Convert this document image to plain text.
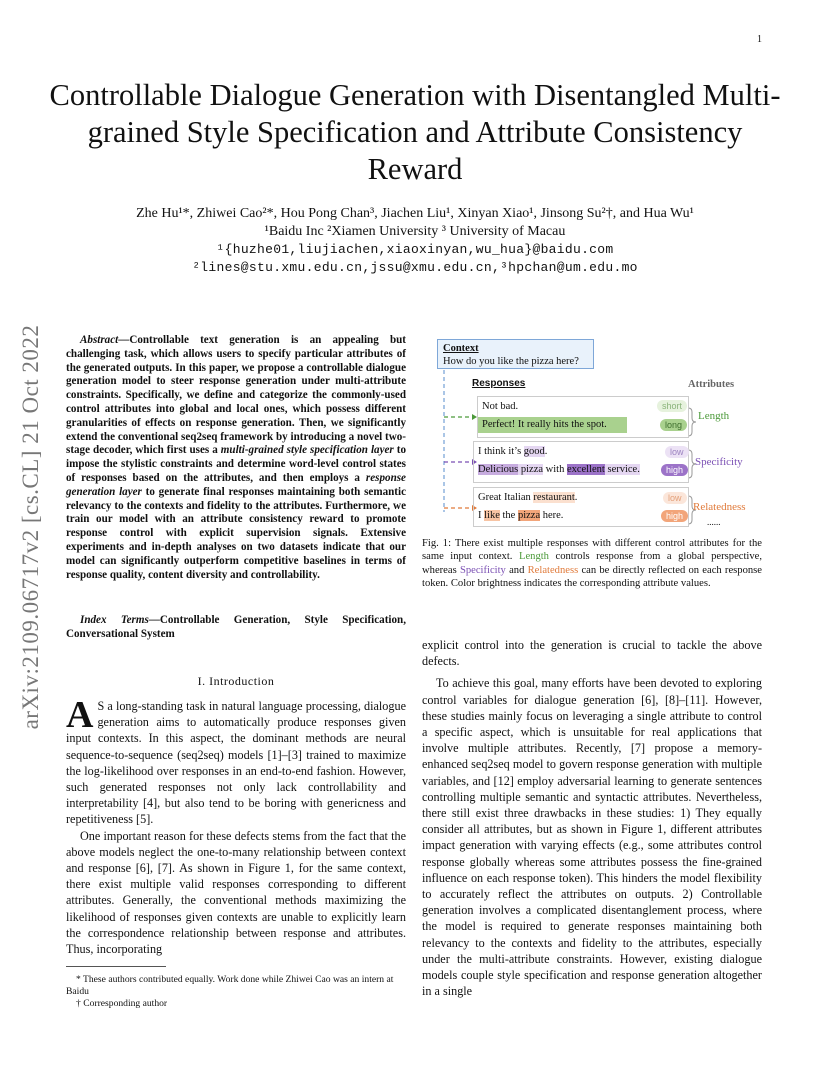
1
arXiv:2109.06717v2 [cs.CL] 21 Oct 2022
Controllable Dialogue Generation with Disentangled Multi-grained Style Specification and Attribute Consistency Reward
Zhe Hu¹*, Zhiwei Cao²*, Hou Pong Chan³, Jiachen Liu¹, Xinyan Xiao¹, Jinsong Su²†, and Hua Wu¹
¹Baidu Inc ²Xiamen University ³ University of Macau
¹{huzhe01,liujiachen,xiaoxinyan,wu_hua}@baidu.com
²lines@stu.xmu.edu.cn,jssu@xmu.edu.cn,³hpchan@um.edu.mo
Abstract—Controllable text generation is an appealing but challenging task, which allows users to specify particular attributes of the generated outputs. In this paper, we propose a controllable dialogue generation model to steer response generation under multi-attribute constraints. Specifically, we define and categorize the commonly-used control attributes into global and local ones, which possess different granularities of effects on response generation. Then, we significantly extend the conventional seq2seq framework by introducing a novel two-stage decoder, which first uses a multi-grained style specification layer to impose the stylistic constraints and determine word-level control states of responses based on the attributes, and then employs a response generation layer to generate final responses maintaining both semantic relevancy to the contexts and fidelity to the attributes. Furthermore, we train our model with an attribute consistency reward to promote response control with explicit supervision signals. Extensive experiments and in-depth analyses on two datasets indicate that our model can significantly outperform competitive baselines in terms of response quality, content diversity and controllability.
Index Terms—Controllable Generation, Style Specification, Conversational System
I. Introduction

A S a long-standing task in natural language processing, dialogue generation aims to automatically produce responses given input contexts. In this aspect, the dominant methods are neural sequence-to-sequence (seq2seq) models [1]–[3] trained to maximize the log-likelihood over responses in an end-to-end fashion. However, such generated responses not only lack controllability and interpretability [4], but also tend to be boring with genericness and repetitiveness [5].

One important reason for these defects stems from the fact that the above models neglect the one-to-many relationship between context and response [6], [7]. As shown in Figure 1, for the same context, there exist multiple valid responses corresponding to different attributes. Generally, the conventional methods maximizing the likelihood of responses given contexts are unable to explicitly learn the correspondence relationship between response and attributes. Thus, incorporating

* These authors contributed equally. Work done while Zhiwei Cao was an intern at Baidu
† Corresponding author
Context
How do you like the pizza here?
Responses	Attributes
Not bad.
Perfect! It really hits the spot.
short
long
Length
I think it’s good.
Delicious pizza with excellent service.
low
high
Specificity
Great Italian restaurant.
I like the pizza here.
low
high
Relatedness
......
Fig. 1: There exist multiple responses with different control attributes for the same input context. Length controls response from a global perspective, whereas Specificity and Relatedness can be directly reflected on each response token. Color brightness indicates the corresponding attribute values.

explicit control into the generation is crucial to tackle the above defects.

To achieve this goal, many efforts have been devoted to exploring control variables for dialogue generation [6], [8]–[11]. However, these studies mainly focus on leveraging a single attribute to control a specific aspect, which is unsuitable for real applications that involve multiple attributes. Recently, [7] propose a memory-enhanced seq2seq model to govern response generation with multiple variables, and [12] employ adversarial learning to generate sentences controlling multiple semantic and syntactic attributes. Nevertheless, there still exist three drawbacks in these studies: 1) They equally consider all attributes, but as shown in Figure 1, different attributes impact generation with varying effects (e.g., some attributes control response globally whereas some attributes possess the fine-grained influence on each response token). This hinders the model flexibility to accurately reflect the attributes on outputs. 2) Controllable generation involves a complicated disentanglement process, where the model is required to generate responses maintaining both relevancy to the contexts and fidelity to the attributes, especially under the multi-attribute constraints. However, existing dialogue models couple style specification and response generation altogether in a single
